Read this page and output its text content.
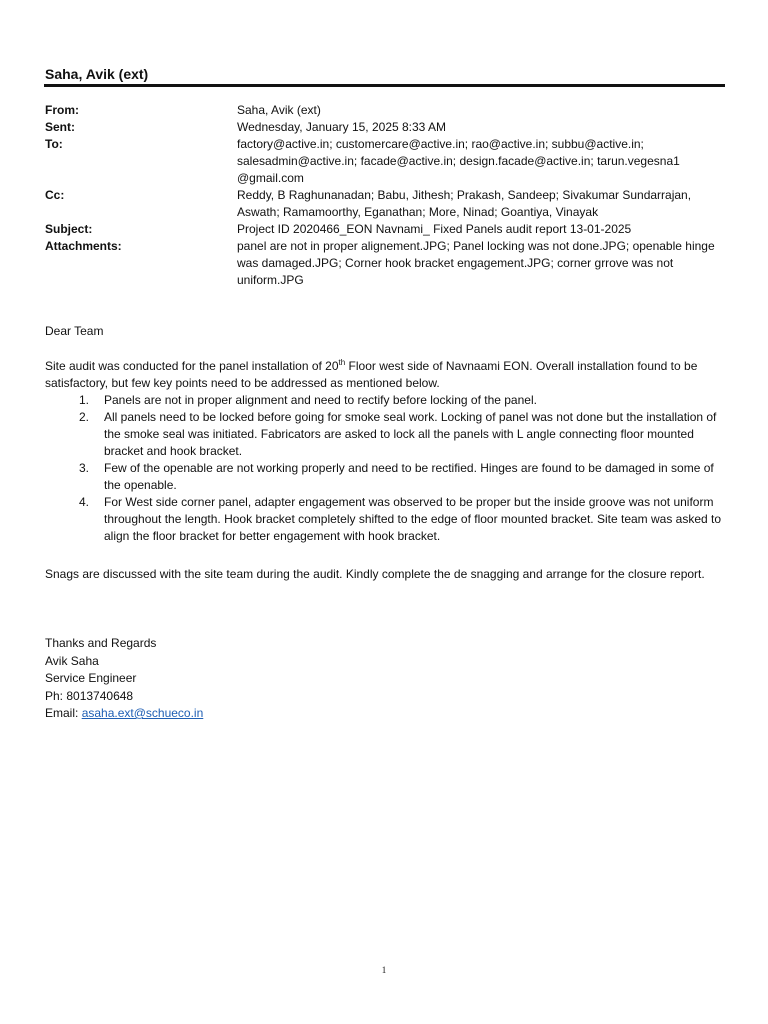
Saha, Avik (ext)
From:	Saha, Avik (ext)
Sent:	Wednesday, January 15, 2025 8:33 AM
To:	factory@active.in; customercare@active.in; rao@active.in; subbu@active.in; salesadmin@active.in; facade@active.in; design.facade@active.in; tarun.vegesna1 @gmail.com
Cc:	Reddy, B Raghunanadan; Babu, Jithesh; Prakash, Sandeep; Sivakumar Sundarrajan, Aswath; Ramamoorthy, Eganathan; More, Ninad; Goantiya, Vinayak
Subject:	Project ID 2020466_EON Navnami_ Fixed Panels audit report 13-01-2025
Attachments:	panel are not in proper alignement.JPG; Panel locking was not done.JPG; openable hinge was damaged.JPG; Corner hook bracket engagement.JPG; corner grrove was not uniform.JPG
Dear Team
Site audit was conducted for the panel installation of 20th Floor west side of Navnaami EON. Overall installation found to be satisfactory, but few key points need to be addressed as mentioned below.
1. Panels are not in proper alignment and need to rectify before locking of the panel.
2. All panels need to be locked before going for smoke seal work. Locking of panel was not done but the installation of the smoke seal was initiated. Fabricators are asked to lock all the panels with L angle connecting floor mounted bracket and hook bracket.
3. Few of the openable are not working properly and need to be rectified. Hinges are found to be damaged in some of the openable.
4. For West side corner panel, adapter engagement was observed to be proper but the inside groove was not uniform throughout the length. Hook bracket completely shifted to the edge of floor mounted bracket. Site team was asked to align the floor bracket for better engagement with hook bracket.
Snags are discussed with the site team during the audit. Kindly complete the de snagging and arrange for the closure report.
Thanks and Regards
Avik Saha
Service Engineer
Ph: 8013740648
Email: asaha.ext@schueco.in
1
